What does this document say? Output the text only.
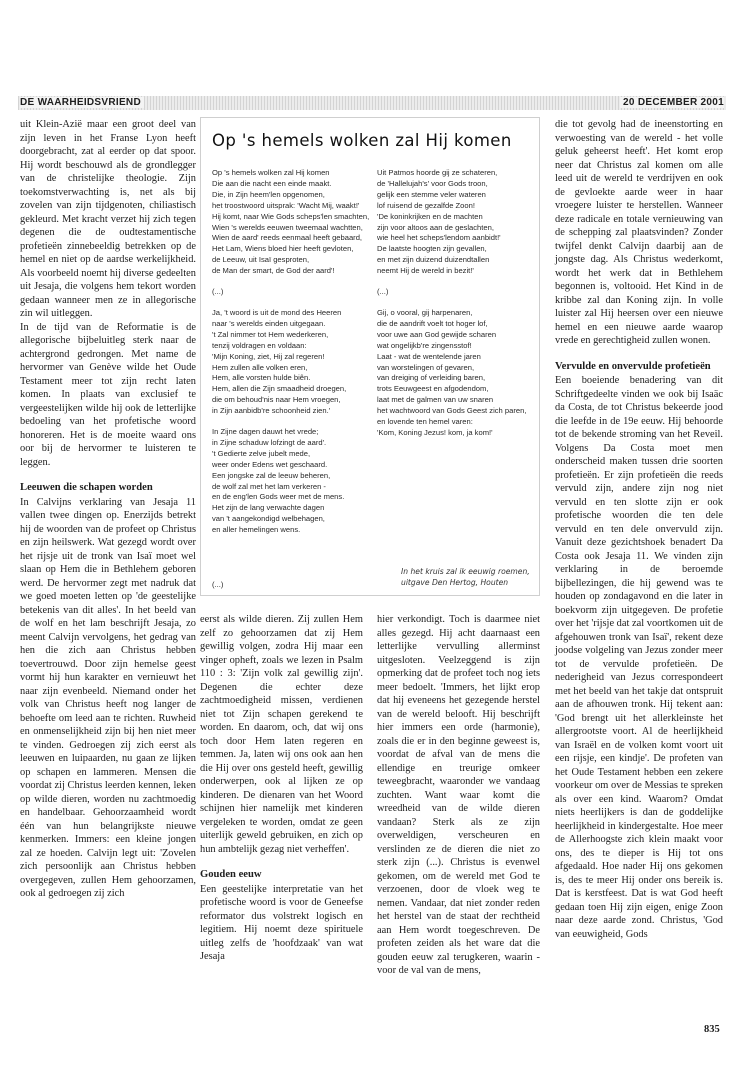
DE WAARHEIDSVRIEND	20 DECEMBER 2001

uit Klein-Azië maar een groot deel van zijn leven in het Franse Lyon heeft doorgebracht, zat al eerder op dat spoor. Hij wordt beschouwd als de grondlegger van de christelijke theologie. Zijn toekomstverwachting is, net als bij zovelen van zijn tijdgenoten, chiliastisch gekleurd. Met kracht verzet hij zich tegen degenen die de oudtestamentische profetieën zinnebeeldig betrekken op de hemel en niet op de aardse werkelijkheid. Als voorbeeld noemt hij diverse gedeelten uit Jesaja, die volgens hem tekort worden gedaan wanneer men ze in allegorische zin wil uitleggen.

In de tijd van de Reformatie is de allegorische bijbeluitleg sterk naar de achtergrond gedrongen. Met name de hervormer van Genève wilde het Oude Testament meer tot zijn recht laten komen. In plaats van exclusief te vergeestelijken wilde hij ook de letterlijke bedoeling van het profetische woord honoreren. Het is de moeite waard ons oor bij de hervormer te luisteren te leggen.

Leeuwen die schapen worden

In Calvijns verklaring van Jesaja 11 vallen twee dingen op. Enerzijds betrekt hij de woorden van de profeet op Christus en zijn heilswerk. Wat gezegd wordt over het rijsje uit de tronk van Isaï moet wel slaan op Hem die in Bethlehem geboren werd. De hervormer zegt met nadruk dat we goed moeten letten op 'de geestelijke betekenis van dit alles'. In het beeld van de wolf en het lam beschrijft Jesaja, zo meent Calvijn vervolgens, het gedrag van hen die zich aan Christus hebben toevertrouwd. Door zijn hemelse geest vormt hij hun karakter en vernieuwt het naar zijn evenbeeld. Niemand onder het volk van Christus heeft nog langer de behoefte om leed aan te richten. Ruwheid en onmenselijkheid zijn bij hen niet meer te vinden. Gedroegen zij zich eerst als leeuwen en luipaarden, nu gaan ze lijken op schapen en lammeren. Mensen die voordat zij Christus leerden kennen, leken op wilde dieren, worden nu zachtmoedig en handelbaar. Gehoorzaamheid wordt één van hun belangrijkste nieuwe kenmerken. Immers: een kleine jongen zal ze hoeden. Calvijn legt uit: 'Zovelen zich persoonlijk aan Christus hebben overgegeven, zullen Hem gehoorzamen, ook al gedroegen zij zich

Op 's hemels wolken zal Hij komen
Op 's hemels wolken zal Hij komen
Die aan die nacht een einde maakt.
Die, in Zijn heem'len opgenomen,
het troostwoord uitsprak: 'Wacht Mij, waakt!'
Hij komt, naar Wie Gods scheps'len smachten,
Wien 's werelds eeuwen tweemaal wachtten,
Wien de aard' reeds eenmaal heeft gebaard,
Het Lam, Wiens bloed hier heeft gevloten,
de Leeuw, uit Isaï gesproten,
de Man der smart, de God der aard'!
(...)
Ja, 't woord is uit de mond des Heeren
naar 's werelds einden uitgegaan.
't Zal nimmer tot Hem wederkeren,
tenzij voldragen en voldaan:
'Mijn Koning, ziet, Hij zal regeren!
Hem zullen alle volken eren,
Hem, alle vorsten hulde biên.
Hem, allen die Zijn smaadheid droegen,
die om behoud'nis naar Hem vroegen,
in Zijn aanbidb're schoonheid zien.'
In Zijne dagen dauwt het vrede;
in Zijne schaduw lofzingt de aard'.
't Gedierte zelve jubelt mede,
weer onder Edens wet geschaard.
Een jongske zal de leeuw beheren,
de wolf zal met het lam verkeren -
en de eng'len Gods weer met de mens.
Het zijn de lang verwachte dagen
van 't aangekondigd welbehagen,
en aller hemelingen wens.
Uit Patmos hoorde gij ze schateren,
de 'Hallelujah's' voor Gods troon,
gelijk een stemme veler wateren
lof ruisend de gezalfde Zoon!
'De koninkrijken en de machten
zijn voor altoos aan de geslachten,
wie heel het scheps'lendom aanbidt!'
De laatste hoogten zijn gevallen,
en met zijn duizend duizendtallen
neemt Hij de wereld in bezit!'
(...)
Gij, o vooral, gij harpenaren,
die de aandrift voelt tot hoger lof,
voor uwe aan God gewijde scharen
wat ongelijkb're zingensstof!
Laat - wat de wentelende jaren
van worstelingen of gevaren,
van dreiging of verleiding baren,
trots Eeuwgeest en afgodendom,
laat met de galmen van uw snaren
het wachtwoord van Gods Geest zich paren,
en lovende ten hemel varen:
'Kom, Koning Jezus! kom, ja kom!'
(...)
In het kruis zal ik eeuwig roemen,
uitgave Den Hertog, Houten

eerst als wilde dieren. Zij zullen Hem zelf zo gehoorzamen dat zij Hem gewillig volgen, zodra Hij maar een vinger opheft, zoals we lezen in Psalm 110 : 3: 'Zijn volk zal gewillig zijn'. Degenen die echter deze zachtmoedigheid missen, verdienen niet tot Zijn schapen gerekend te worden. En daarom, och, dat wij ons toch door Hem laten regeren en temmen. Ja, laten wij ons ook aan hen die Hij over ons gesteld heeft, gewillig onderwerpen, ook al lijken ze op kinderen. De dienaren van het Woord schijnen hier namelijk met kinderen vergeleken te worden, omdat ze geen uiterlijk geweld gebruiken, en zich op hun ambtelijk gezag niet verheffen'.

Gouden eeuw

Een geestelijke interpretatie van het profetische woord is voor de Geneefse reformator dus volstrekt logisch en legitiem. Hij noemt deze spirituele uitleg zelfs de 'hoofdzaak' van wat Jesaja

hier verkondigt. Toch is daarmee niet alles gezegd. Hij acht daarnaast een letterlijke vervulling allerminst uitgesloten. Veelzeggend is zijn opmerking dat de profeet toch nog iets meer bedoelt. 'Immers, het lijkt erop dat hij eveneens het gezegende herstel van de wereld belooft. Hij beschrijft hier immers een orde (harmonie), zoals die er in den beginne geweest is, voordat de afval van de mens die ellendige en treurige omkeer teweegbracht, waaronder we vandaag zuchten. Want waar komt die wreedheid van de wilde dieren vandaan? Sterk als ze zijn overweldigen, verscheuren en verslinden ze de dieren die niet zo sterk zijn (...). Christus is evenwel gekomen, om de wereld met God te verzoenen, door de vloek weg te nemen. Vandaar, dat niet zonder reden het herstel van de staat der rechtheid aan Hem wordt toegeschreven. De profeten zeiden als het ware dat die gouden eeuw zal terugkeren, waarin - voor de val van de mens,

die tot gevolg had de ineenstorting en verwoesting van de wereld - het volle geluk geheerst heeft'. Het komt erop neer dat Christus zal komen om alle leed uit de wereld te verdrijven en ook de gevloekte aarde weer in haar vroegere luister te herstellen. Wanneer deze radicale en totale vernieuwing van de schepping zal plaatsvinden? Zonder twijfel denkt Calvijn daarbij aan de jongste dag. Als Christus wederkomt, wordt het werk dat in Bethlehem begonnen is, voltooid. Het Kind in de kribbe zal dan Koning zijn. In volle luister zal Hij heersen over een nieuwe hemel en een nieuwe aarde waarop vrede en gerechtigheid zullen wonen.

Vervulde en onvervulde profetieën

Een boeiende benadering van dit Schriftgedeelte vinden we ook bij Isaäc da Costa, de tot Christus bekeerde jood die leefde in de 19e eeuw. Hij behoorde tot de bekende stroming van het Reveil. Volgens Da Costa moet men onderscheid maken tussen drie soorten profetieën. Er zijn profetieën die reeds vervuld zijn, andere zijn nog niet vervuld en ten slotte zijn er ook profetische woorden die ten dele vervuld en ten dele onvervuld zijn. Vanuit deze gezichtshoek benadert Da Costa ook Jesaja 11. We vinden zijn verklaring in de beroemde bijbellezingen, die hij gewend was te houden op zondagavond en die later in boekvorm zijn uitgegeven. De profetie over het 'rijsje dat zal voortkomen uit de afgehouwen tronk van Isaï', rekent deze joodse volgeling van Jezus zonder meer tot de vervulde profetieën. De nederigheid van Jezus correspondeert met het beeld van het takje dat ontspruit aan de afhouwen tronk. Hij tekent aan: 'God brengt uit het allerkleinste het allergrootste voort. Al de heerlijkheid van Israël en de volken komt voort uit een rijsje, een kindje'. De profeten van het Oude Testament hebben een zekere voorkeur om over de Messias te spreken als over een kind. Waarom? Omdat niets heerlijkers is dan de goddelijke heerlijkheid in kindergestalte. Hoe meer de Allerhoogste zich klein maakt voor ons, des te dieper is Hij tot ons afgedaald. Hoe nader Hij ons gekomen is, des te meer Hij onder ons bereik is. Dat is kerstfeest. Dat is wat God heeft gedaan toen Hij zijn eigen, enige Zoon naar deze aarde zond. Christus, 'God van eeuwigheid, Gods

835
